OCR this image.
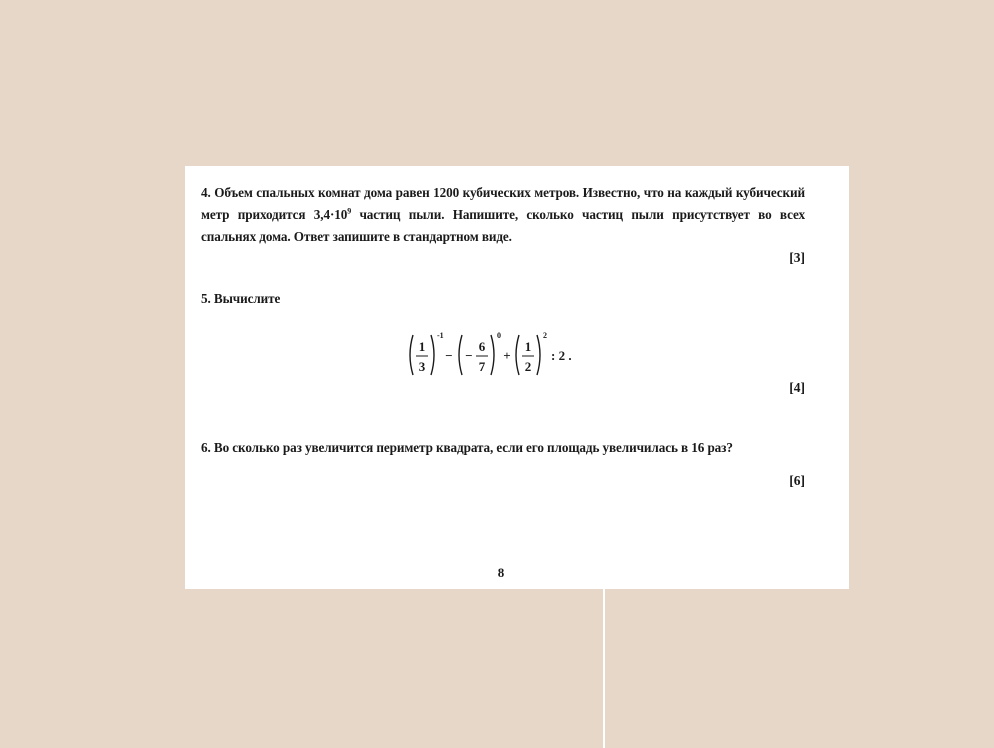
4. Объем спальных комнат дома равен 1200 кубических метров. Известно, что на каждый кубический метр приходится $3,4\cdot 10^9$ частиц пыли. Напишите, сколько частиц пыли присутствует во всех спальнях дома. Ответ запишите в стандартном виде.
[3]
5. Вычислите
1
3
-1
− −
6
7
0
+
1
2
2
: 2 .
[4]
6. Во сколько раз увеличится периметр квадрата, если его площадь увеличилась в 16 раз?
[6]
8
